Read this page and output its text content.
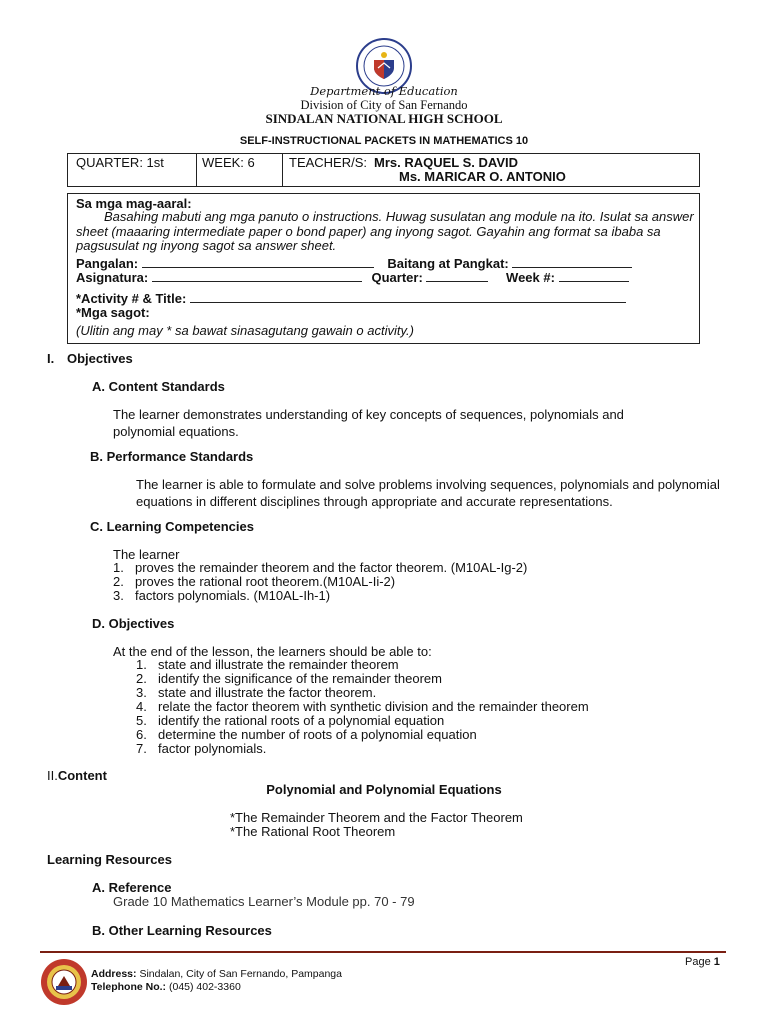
Department of Education
Division of City of San Fernando
SINDALAN NATIONAL HIGH SCHOOL
SELF-INSTRUCTIONAL PACKETS IN MATHEMATICS 10
QUARTER: 1st	WEEK: 6	TEACHER/S: Mrs. RAQUEL S. DAVID
Ms. MARICAR O. ANTONIO
Sa mga mag-aaral:
Basahing mabuti ang mga panuto o instructions. Huwag susulatan ang module na ito. Isulat sa answer sheet (maaaring intermediate paper o bond paper) ang inyong sagot. Gayahin ang format sa ibaba sa pagsusulat ng inyong sagot sa answer sheet.
Pangalan:	Baitang at Pangkat:
Asignatura:	Quarter:	Week #:
*Activity # & Title:
*Mga sagot:
(Ulitin ang may * sa bawat sinasagutang gawain o activity.)
I. Objectives
A. Content Standards
The learner demonstrates understanding of key concepts of sequences, polynomials and polynomial equations.
B. Performance Standards
The learner is able to formulate and solve problems involving sequences, polynomials and polynomial equations in different disciplines through appropriate and accurate representations.
C. Learning Competencies
The learner
1. proves the remainder theorem and the factor theorem. (M10AL-Ig-2)
2. proves the rational root theorem.(M10AL-Ii-2)
3. factors polynomials. (M10AL-Ih-1)
D. Objectives
At the end of the lesson, the learners should be able to:
1. state and illustrate the remainder theorem
2. identify the significance of the remainder theorem
3. state and illustrate the factor theorem.
4. relate the factor theorem with synthetic division and the remainder theorem
5. identify the rational roots of a polynomial equation
6. determine the number of roots of a polynomial equation
7. factor polynomials.
II.Content
Polynomial and Polynomial Equations
*The Remainder Theorem and the Factor Theorem
*The Rational Root Theorem
Learning Resources
A. Reference
Grade 10 Mathematics Learner’s Module pp. 70 - 79
B. Other Learning Resources
Page 1
Address: Sindalan, City of San Fernando, Pampanga
Telephone No.: (045) 402-3360
